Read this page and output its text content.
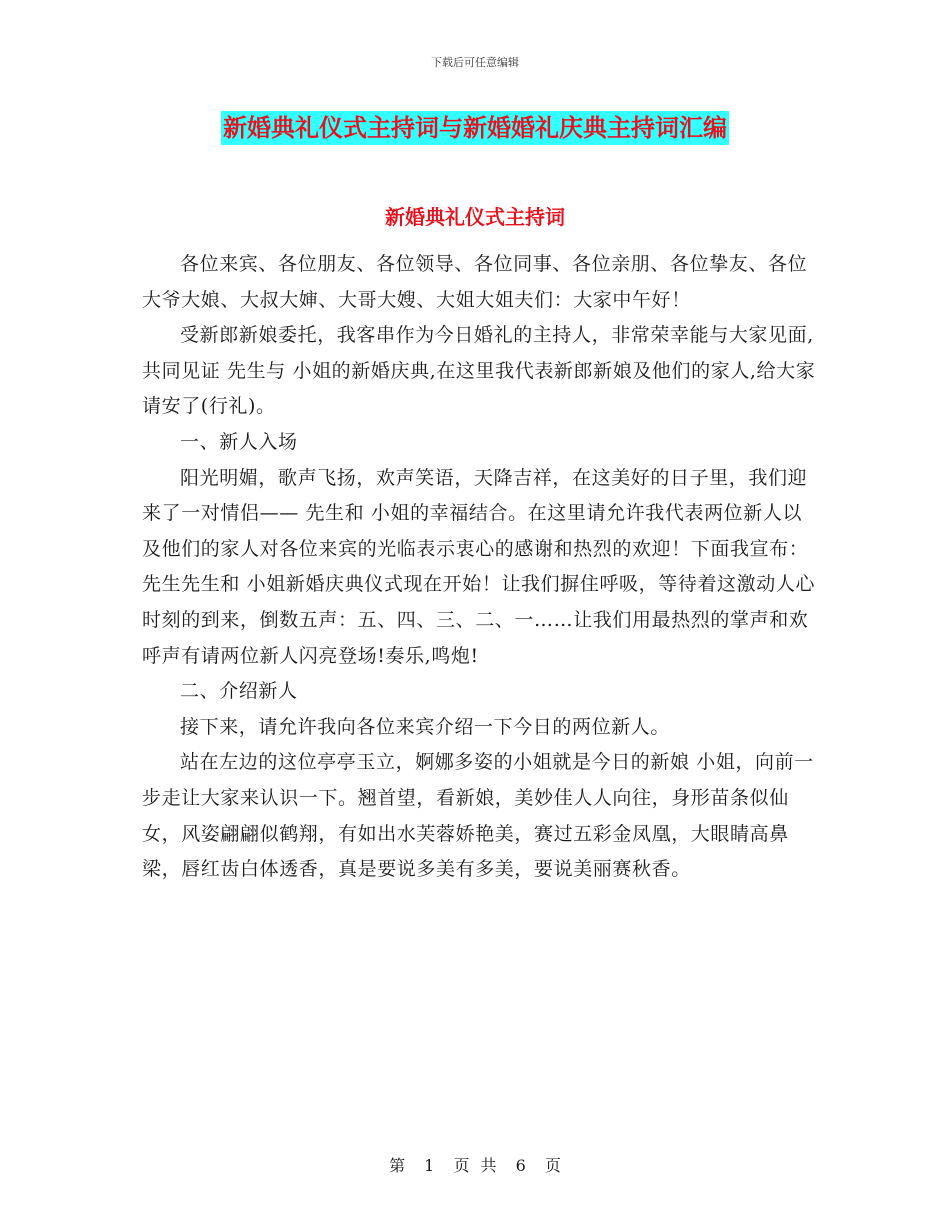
下载后可任意编辑
新婚典礼仪式主持词与新婚婚礼庆典主持词汇编
新婚典礼仪式主持词

各位来宾、各位朋友、各位领导、各位同事、各位亲朋、各位挚友、各位大爷大娘、大叔大婶、大哥大嫂、大姐大姐夫们：大家中午好！

受新郎新娘委托，我客串作为今日婚礼的主持人，非常荣幸能与大家见面,共同见证 先生与 小姐的新婚庆典,在这里我代表新郎新娘及他们的家人,给大家请安了(行礼)。

一、新人入场

阳光明媚，歌声飞扬，欢声笑语，天降吉祥，在这美好的日子里，我们迎来了一对情侣—— 先生和 小姐的幸福结合。在这里请允许我代表两位新人以及他们的家人对各位来宾的光临表示衷心的感谢和热烈的欢迎！下面我宣布： 先生先生和 小姐新婚庆典仪式现在开始！让我们摒住呼吸，等待着这激动人心时刻的到来，倒数五声：五、四、三、二、一……让我们用最热烈的掌声和欢呼声有请两位新人闪亮登场!奏乐,鸣炮!

二、介绍新人

接下来，请允许我向各位来宾介绍一下今日的两位新人。

站在左边的这位亭亭玉立，婀娜多姿的小姐就是今日的新娘 小姐，向前一步走让大家来认识一下。翘首望，看新娘，美妙佳人人向往，身形苗条似仙女，风姿翩翩似鹤翔，有如出水芙蓉娇艳美，赛过五彩金凤凰，大眼睛高鼻梁，唇红齿白体透香，真是要说多美有多美，要说美丽赛秋香。

第 1 页 共 6 页
